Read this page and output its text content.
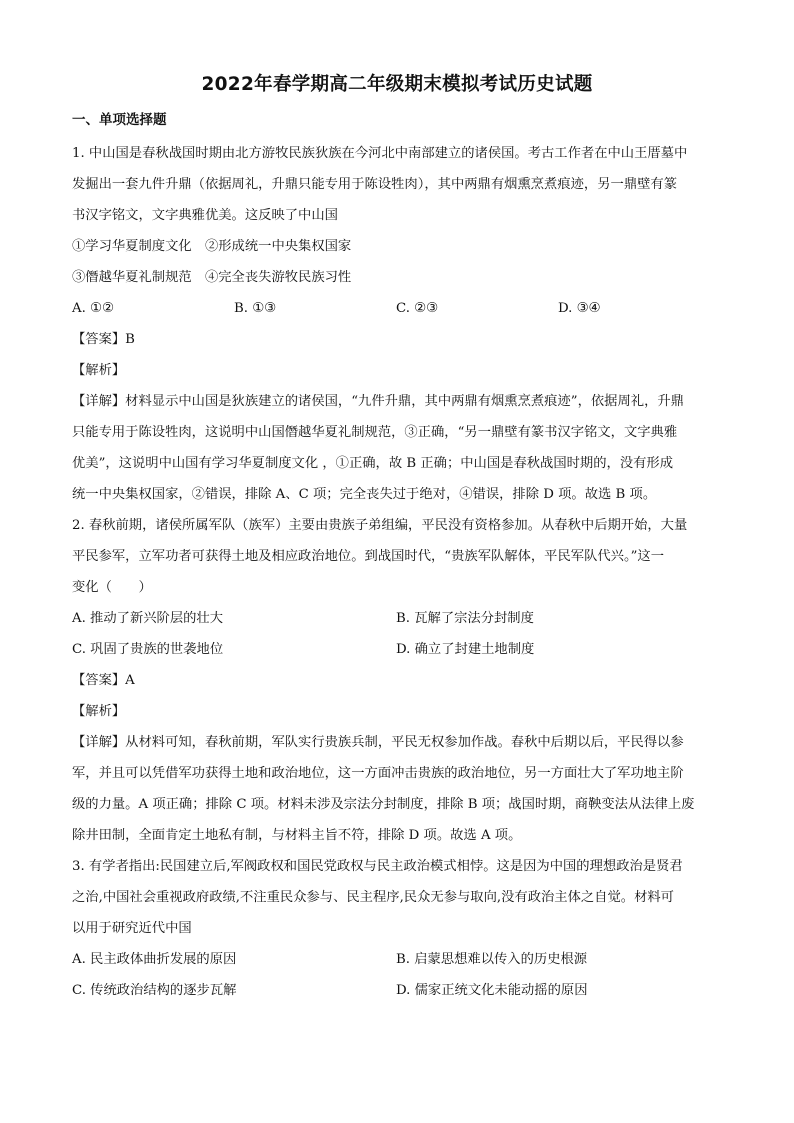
2022年春学期高二年级期末模拟考试历史试题
一、单项选择题
1. 中山国是春秋战国时期由北方游牧民族狄族在今河北中南部建立的诸侯国。考古工作者在中山王厝墓中
发掘出一套九件升鼎（依据周礼，升鼎只能专用于陈设牲肉），其中两鼎有烟熏烹煮痕迹，另一鼎壁有篆
书汉字铭文，文字典雅优美。这反映了中山国
①学习华夏制度文化　②形成统一中央集权国家
③僭越华夏礼制规范　④完全丧失游牧民族习性
A. ①②	B. ①③	C. ②③	D. ③④
【答案】B
【解析】
【详解】材料显示中山国是狄族建立的诸侯国，“九件升鼎，其中两鼎有烟熏烹煮痕迹”，依据周礼，升鼎
只能专用于陈设牲肉，这说明中山国僭越华夏礼制规范，③正确，“另一鼎壁有篆书汉字铭文，文字典雅
优美”，这说明中山国有学习华夏制度文化 ，①正确，故 B 正确；中山国是春秋战国时期的，没有形成
统一中央集权国家，②错误，排除 A、C 项；完全丧失过于绝对，④错误，排除 D 项。故选 B 项。
2. 春秋前期，诸侯所属军队（族军）主要由贵族子弟组编，平民没有资格参加。从春秋中后期开始，大量
平民参军，立军功者可获得土地及相应政治地位。到战国时代，“贵族军队解体，平民军队代兴。”这一
变化（　　）
A. 推动了新兴阶层的壮大	B. 瓦解了宗法分封制度
C. 巩固了贵族的世袭地位	D. 确立了封建土地制度
【答案】A
【解析】
【详解】从材料可知，春秋前期，军队实行贵族兵制，平民无权参加作战。春秋中后期以后，平民得以参
军，并且可以凭借军功获得土地和政治地位，这一方面冲击贵族的政治地位，另一方面壮大了军功地主阶
级的力量。A 项正确；排除 C 项。材料未涉及宗法分封制度，排除 B 项；战国时期，商鞅变法从法律上废
除井田制，全面肯定土地私有制，与材料主旨不符，排除 D 项。故选 A 项。
3. 有学者指出:民国建立后,军阀政权和国民党政权与民主政治模式相悖。这是因为中国的理想政治是贤君
之治,中国社会重视政府政绩,不注重民众参与、民主程序,民众无参与取向,没有政治主体之自觉。材料可
以用于研究近代中国
A. 民主政体曲折发展的原因	B. 启蒙思想难以传入的历史根源
C. 传统政治结构的逐步瓦解	D. 儒家正统文化未能动摇的原因
